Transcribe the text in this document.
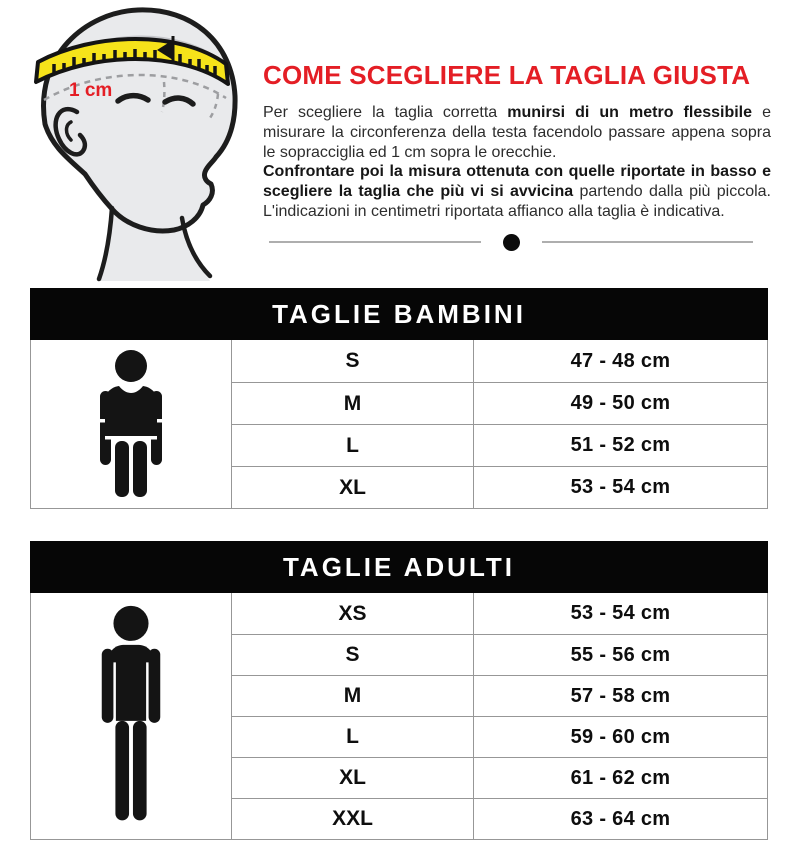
1 cm
COME SCEGLIERE LA TAGLIA GIUSTA

Per scegliere la taglia corretta munirsi di un metro flessibile e misurare la circonferenza della testa facendolo passare appena sopra le sopracciglia ed 1 cm sopra le orecchie.

Confrontare poi la misura ottenuta con quelle riportate in basso e scegliere la taglia che più vi si avvicina partendo dalla più piccola. L'indicazioni in centimetri riportata affianco alla taglia è indicativa.

TAGLIE BAMBINI
S	47 - 48 cm
M	49 - 50 cm
L	51 - 52 cm
XL	53 - 54 cm
TAGLIE ADULTI
XS	53 - 54 cm
S	55 - 56 cm
M	57 - 58 cm
L	59 - 60 cm
XL	61 - 62 cm
XXL	63 - 64 cm
